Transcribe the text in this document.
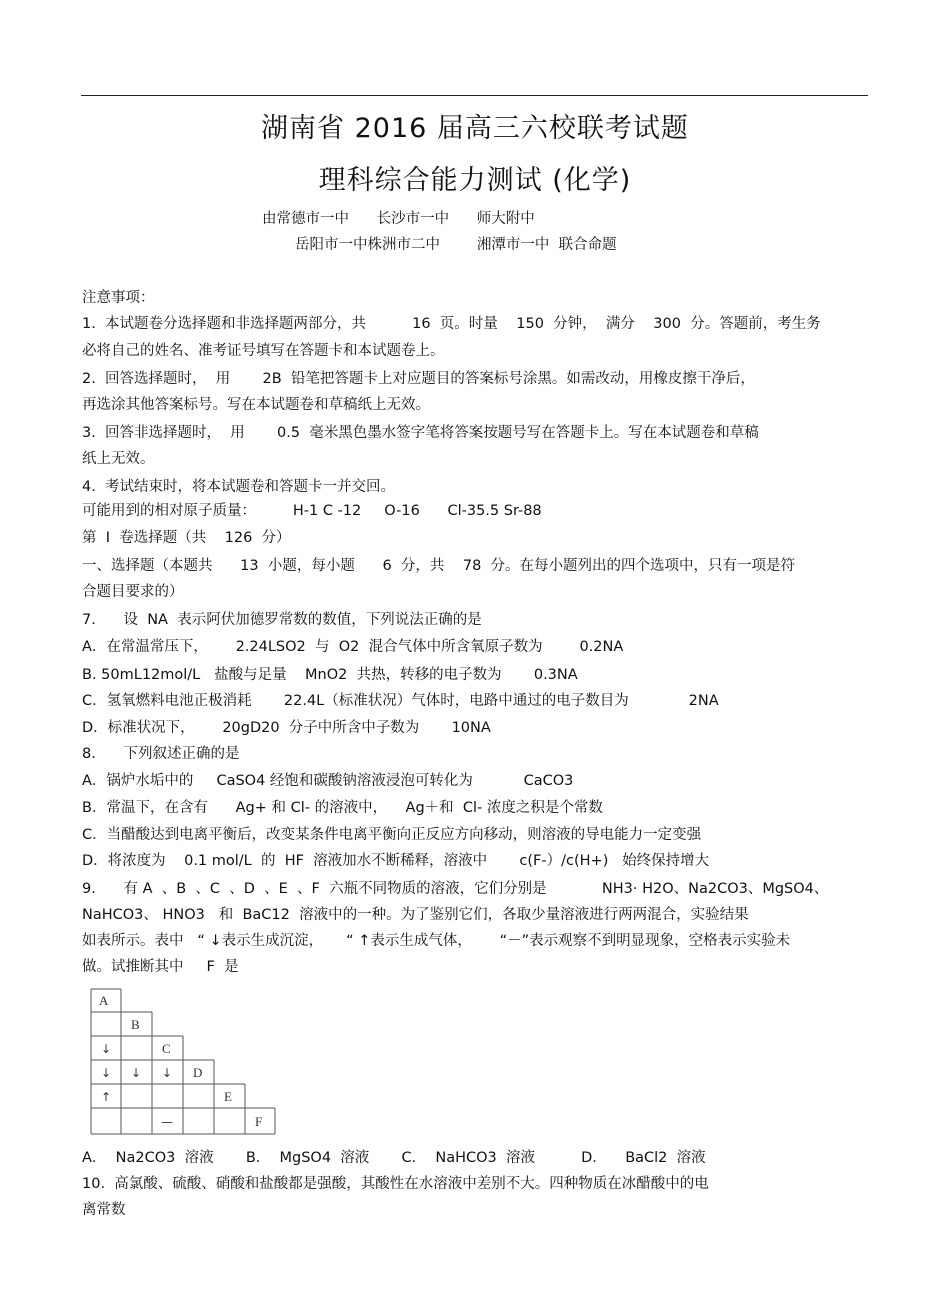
湖南省 2016 届高三六校联考试题
理科综合能力测试 (化学)
由常德市一中      长沙市一中      师大附中
岳阳市一中株洲市二中        湘潭市一中  联合命题
注意事项：
1.  本试题卷分选择题和非选择题两部分，共          16  页。时量    150  分钟，  满分    300  分。答题前，考生务
必将自己的姓名、准考证号填写在答题卡和本试题卷上。
2.  回答选择题时，  用       2B  铅笔把答题卡上对应题目的答案标号涂黑。如需改动，用橡皮擦干净后，
再选涂其他答案标号。写在本试题卷和草稿纸上无效。
3.  回答非选择题时，  用       0.5  毫米黑色墨水签字笔将答案按题号写在答题卡上。写在本试题卷和草稿
纸上无效。
4.  考试结束时，将本试题卷和答题卡一并交回。
可能用到的相对原子质量：        H-1 C -12     O-16      Cl-35.5 Sr-88
第  I  卷选择题（共    126  分）
一、选择题（本题共      13  小题，每小题      6  分，共    78  分。在每小题列出的四个选项中，只有一项是符
合题目要求的）
7.      设  NA  表示阿伏加德罗常数的数值，下列说法正确的是
A．在常温常压下，      2.24LSO2  与  O2  混合气体中所含氧原子数为        0.2NA
B. 50mL12mol/L   盐酸与足量    MnO2  共热，转移的电子数为       0.3NA
C．氢氧燃料电池正极消耗       22.4L（标准状况）气体时，电路中通过的电子数目为             2NA
D．标准状况下，      20gD20  分子中所含中子数为       10NA
8.      下列叙述正确的是
A．锅炉水垢中的     CaSO4 经饱和碳酸钠溶液浸泡可转化为           CaCO3
B．常温下，在含有      Ag+ 和 Cl- 的溶液中，    Ag＋和  Cl- 浓度之积是个常数
C．当醋酸达到电离平衡后，改变某条件电离平衡向正反应方向移动，则溶液的导电能力一定变强
D．将浓度为    0.1 mol/L  的  HF  溶液加水不断稀释，溶液中       c(F-）/c(H+)   始终保持增大
9.      有 A  、B  、C  、D  、E  、F  六瓶不同物质的溶液，它们分别是            NH3· H2O、Na2CO3、MgSO4、
NaHCO3、 HNO3   和  BaC12  溶液中的一种。为了鉴别它们，各取少量溶液进行两两混合，实验结果
如表所示。表中   “ ↓表示生成沉淀，     “ ↑表示生成气体，      “－”表示观察不到明显现象，空格表示实验未
做。试推断其中     F  是
A
B
C
D
E
F
↓
↓ ↓ ↓
↑
—
A．  Na2CO3  溶液       B．  MgSO4  溶液       C．  NaHCO3  溶液          D．    BaCl2  溶液
10.  高氯酸、硫酸、硝酸和盐酸都是强酸，其酸性在水溶液中差别不大。四种物质在冰醋酸中的电
离常数
